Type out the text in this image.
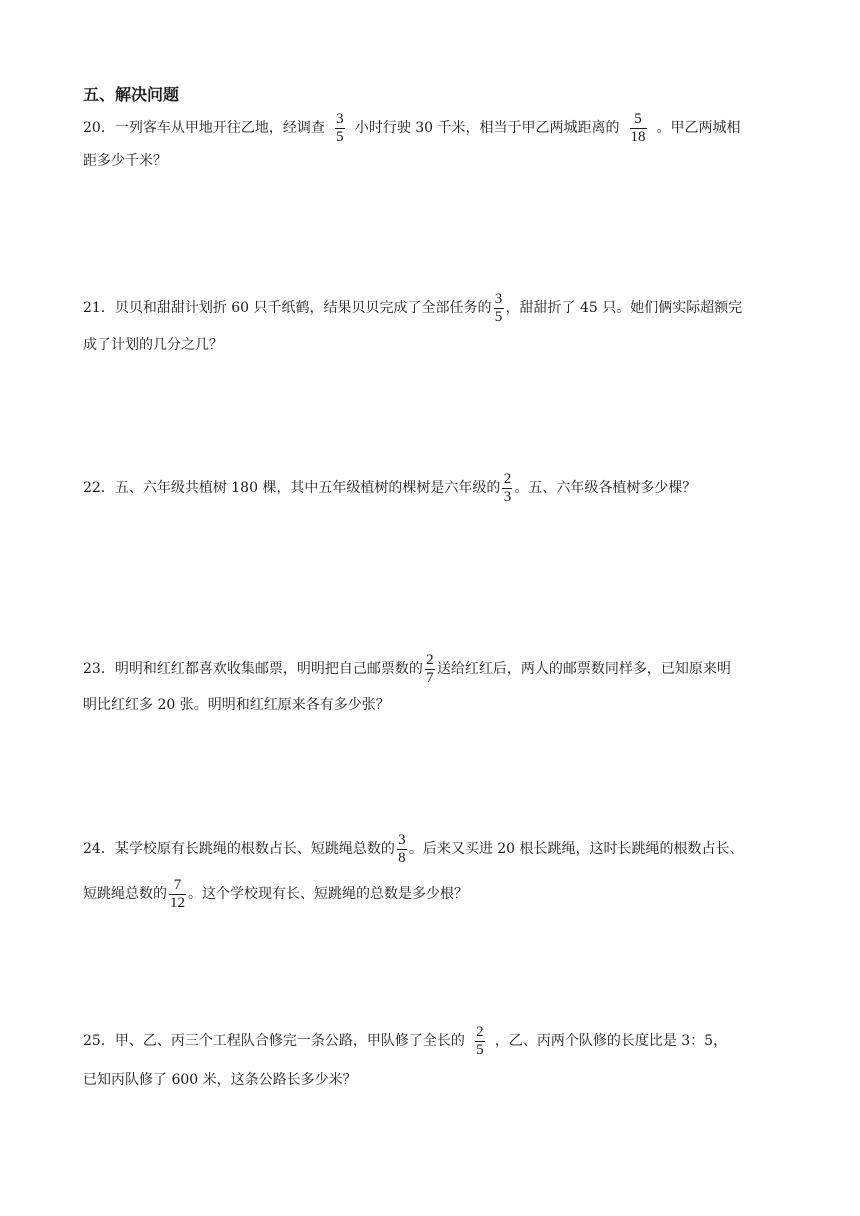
五、解决问题
20．一列客车从甲地开往乙地，经调查 $\frac{3}{5}$ 小时行驶 30 千米，相当于甲乙两城距离的 $\frac{5}{18}$ 。甲乙两城相
距多少千米？
21．贝贝和甜甜计划折 60 只千纸鹤，结果贝贝完成了全部任务的 $\frac{3}{5}$ ，甜甜折了 45 只。她们俩实际超额完
成了计划的几分之几？
22．五、六年级共植树 180 棵，其中五年级植树的棵树是六年级的 $\frac{2}{3}$ 。五、六年级各植树多少棵？
23．明明和红红都喜欢收集邮票，明明把自己邮票数的 $\frac{2}{7}$ 送给红红后，两人的邮票数同样多，已知原来明
明比红红多 20 张。明明和红红原来各有多少张？
24．某学校原有长跳绳的根数占长、短跳绳总数的 $\frac{3}{8}$ 。后来又买进 20 根长跳绳，这时长跳绳的根数占长、
短跳绳总数的 $\frac{7}{12}$ 。这个学校现有长、短跳绳的总数是多少根？
25．甲、乙、丙三个工程队合修完一条公路，甲队修了全长的 $\frac{2}{5}$ ，乙、丙两个队修的长度比是 3：5，
已知丙队修了 600 米，这条公路长多少米？
